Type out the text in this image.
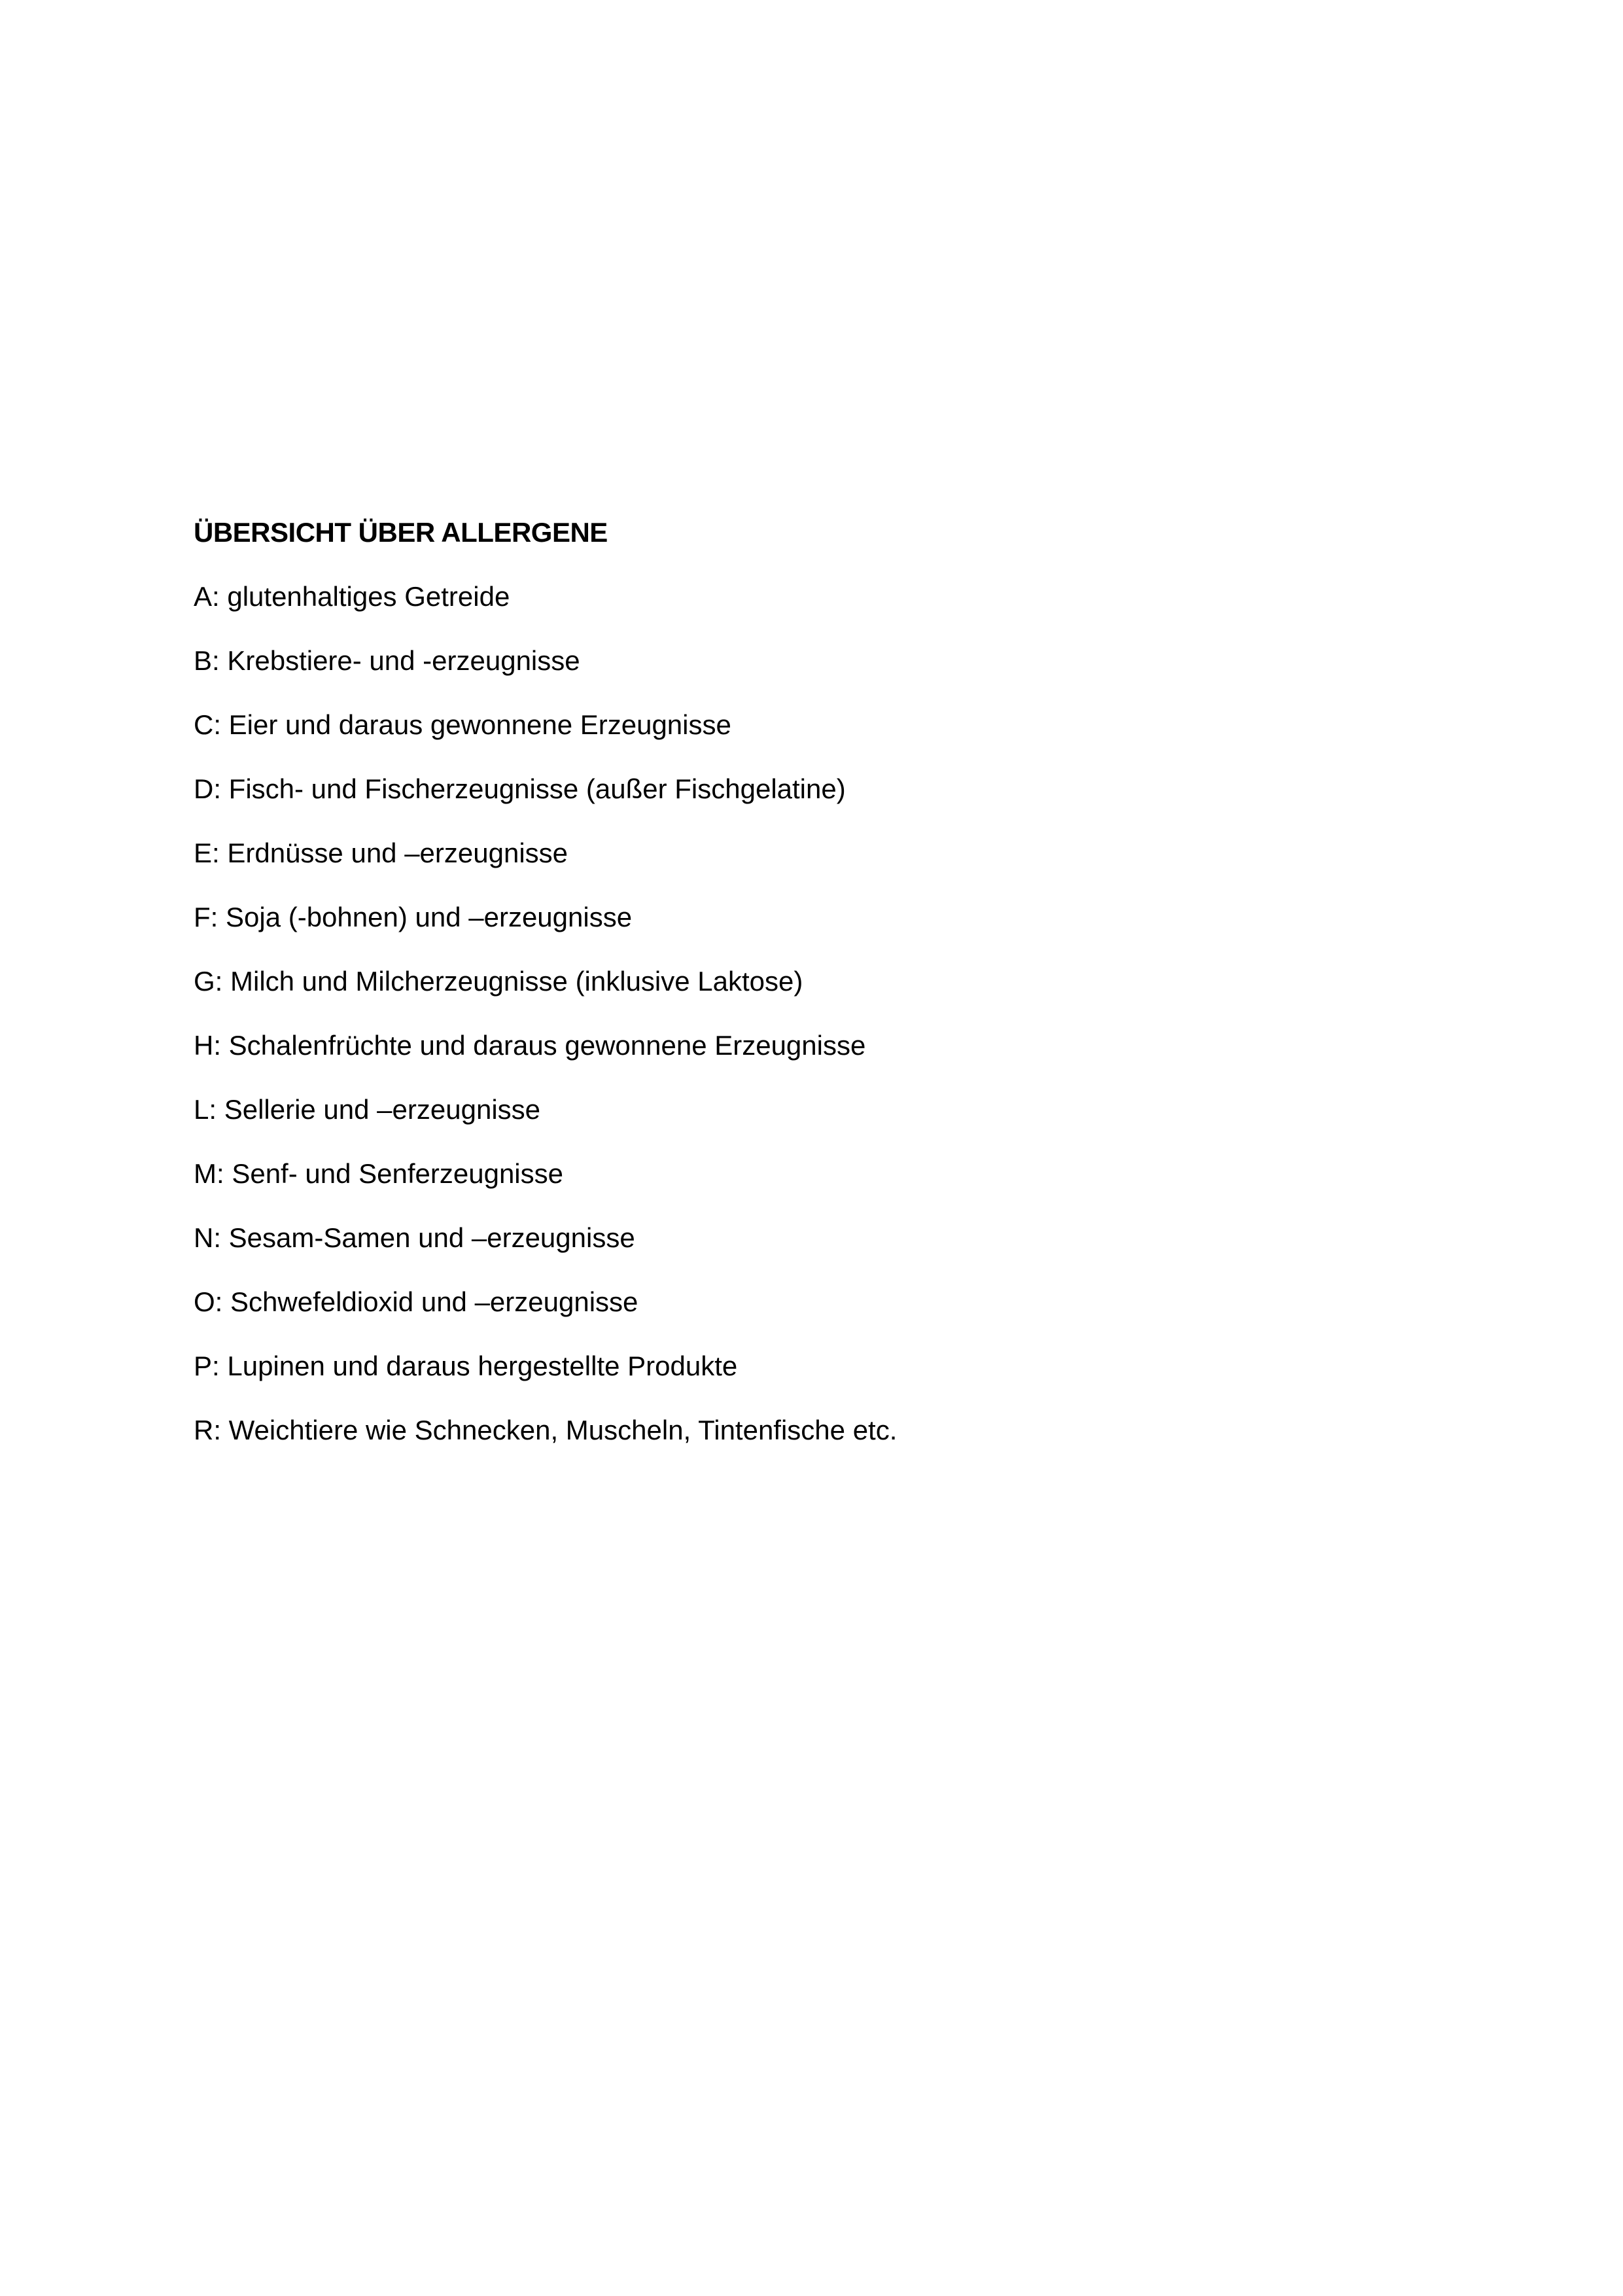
ÜBERSICHT ÜBER ALLERGENE
A: glutenhaltiges Getreide
B: Krebstiere- und -erzeugnisse
C: Eier und daraus gewonnene Erzeugnisse
D: Fisch- und Fischerzeugnisse (außer Fischgelatine)
E: Erdnüsse und –erzeugnisse
F: Soja (-bohnen) und –erzeugnisse
G: Milch und Milcherzeugnisse (inklusive Laktose)
H: Schalenfrüchte und daraus gewonnene Erzeugnisse
L: Sellerie und –erzeugnisse
M: Senf- und Senferzeugnisse
N: Sesam-Samen und –erzeugnisse
O: Schwefeldioxid und –erzeugnisse
P: Lupinen und daraus hergestellte Produkte
R: Weichtiere wie Schnecken, Muscheln, Tintenfische etc.
